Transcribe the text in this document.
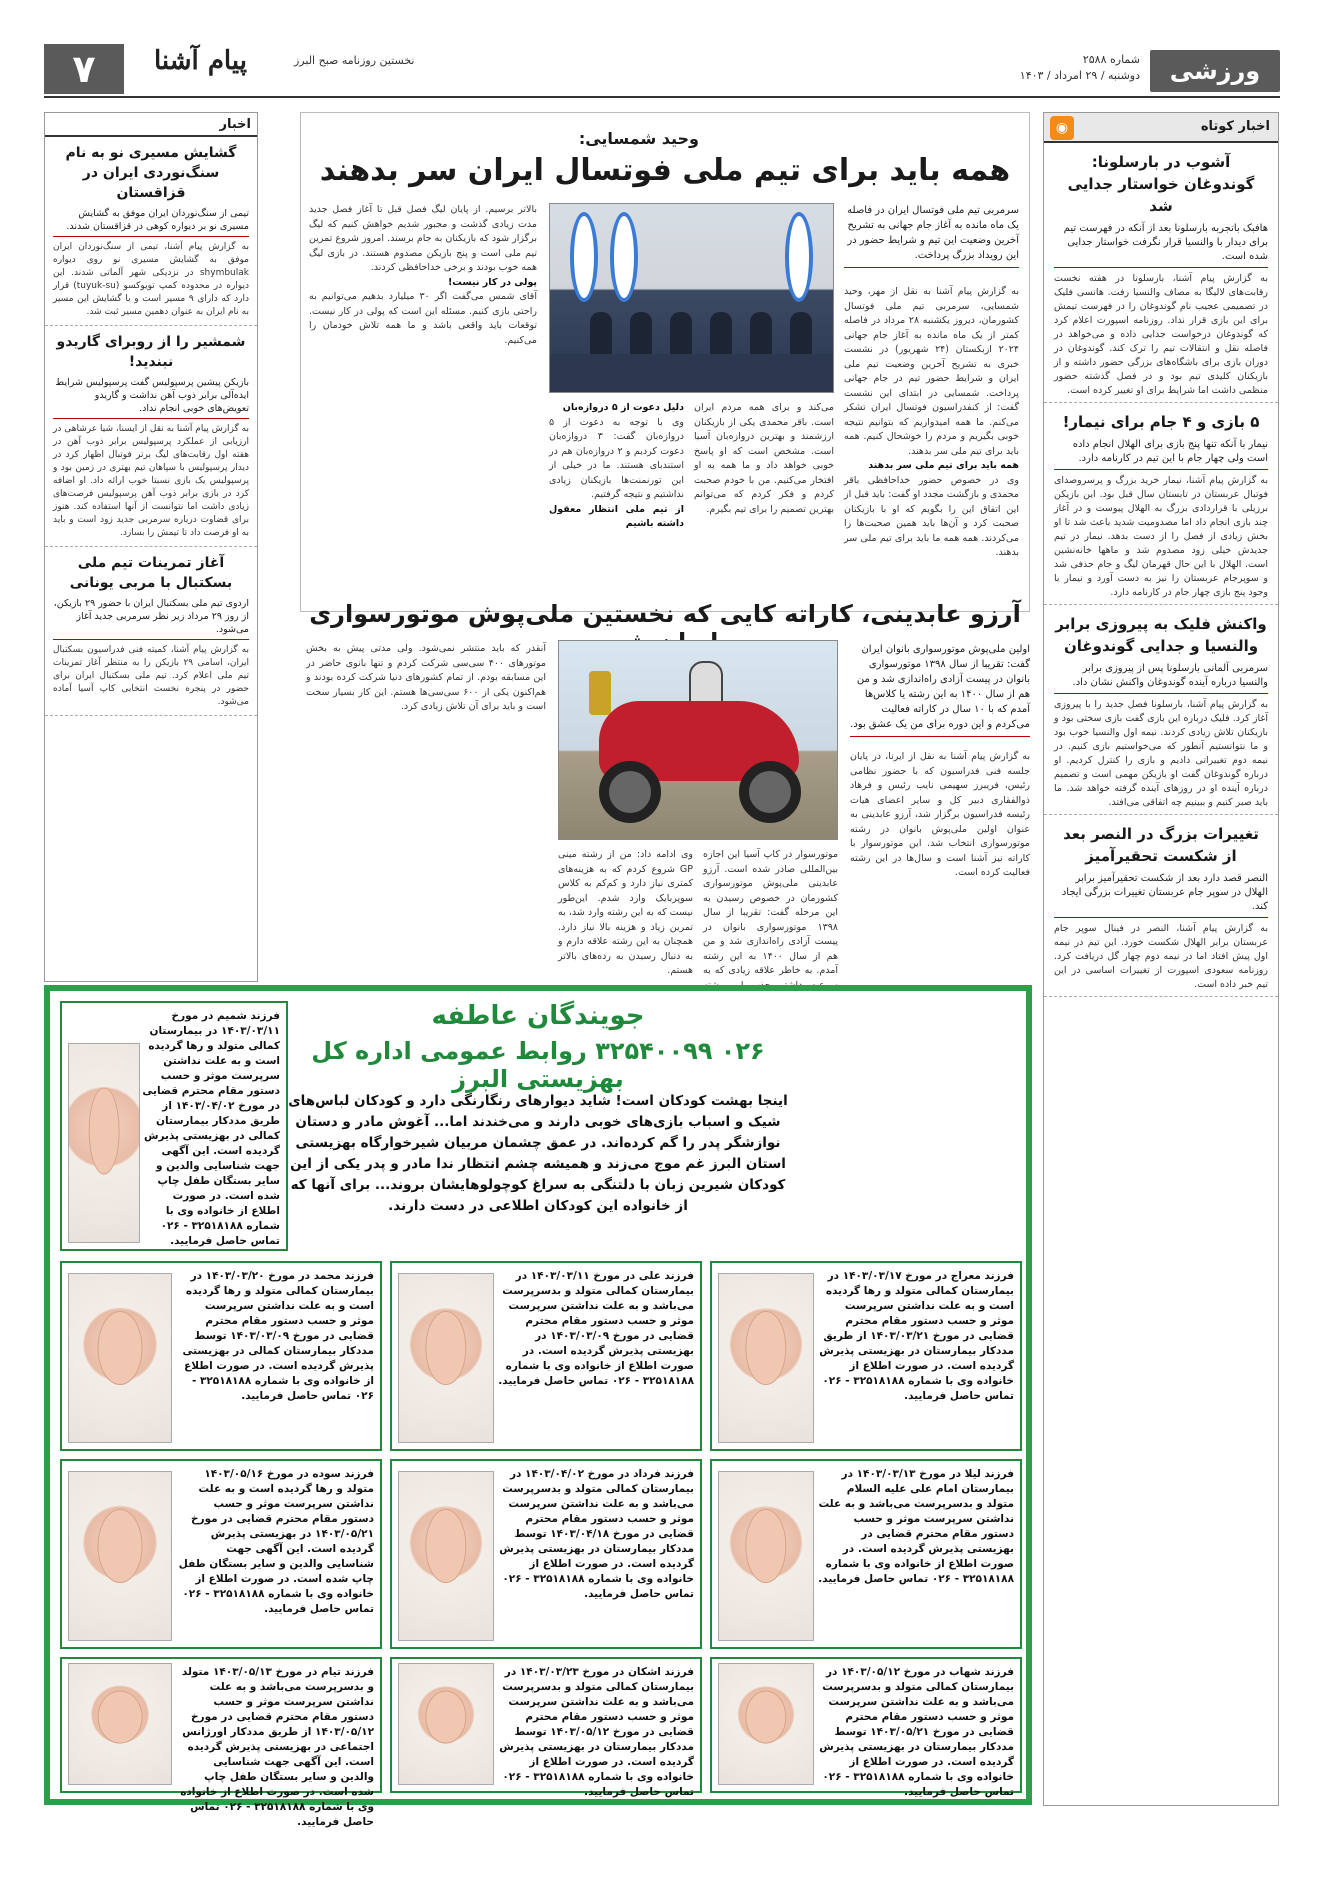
ورزشی
شماره ۲۵۸۸
دوشنبه / ۲۹ امرداد / ۱۴۰۳
نخستین روزنامه صبح البرز
پیام آشنا
۷
اخبار کوتاه
◉
آشوب در بارسلونا: گوندوغان خواستار جدایی شد
هافبک باتجربه بارسلونا بعد از آنکه در فهرست تیم برای دیدار با والنسیا قرار نگرفت خواستار جدایی شده است.

به گزارش پیام آشنا، بارسلونا در هفته نخست رقابت‌های لالیگا به مصاف والنسیا رفت. هانسی فلیک در تصمیمی عجیب نام گوندوغان را در فهرست تیمش برای این بازی قرار نداد. روزنامه اسپورت اعلام کرد که گوندوغان درخواست جدایی داده و می‌خواهد در فاصله نقل و انتقالات تیم را ترک کند. گوندوغان در دوران بازی برای باشگاه‌های بزرگی حضور داشته و از بازیکنان کلیدی تیم بود و در فصل گذشته حضور منظمی داشت اما شرایط برای او تغییر کرده است.

۵ بازی و ۴ جام برای نیمار!
نیمار با آنکه تنها پنج بازی برای الهلال انجام داده است ولی چهار جام با این تیم در کارنامه دارد.

به گزارش پیام آشنا، نیمار خرید بزرگ و پرسروصدای فوتبال عربستان در تابستان سال قبل بود. این بازیکن برزیلی با قراردادی بزرگ به الهلال پیوست و در آغاز چند بازی انجام داد اما مصدومیت شدید باعث شد تا او بخش زیادی از فصل را از دست بدهد. نیمار در تیم جدیدش خیلی زود مصدوم شد و ماهها خانه‌نشین است. الهلال با این حال قهرمان لیگ و جام حذفی شد و سوپرجام عربستان را نیز به دست آورد و نیمار با وجود پنج بازی چهار جام در کارنامه دارد.

واکنش فلیک به پیروزی برابر والنسیا و جدایی گوندوغان
سرمربی آلمانی بارسلونا پس از پیروزی برابر والنسیا درباره آینده گوندوغان واکنش نشان داد.

به گزارش پیام آشنا، بارسلونا فصل جدید را با پیروزی آغاز کرد. فلیک درباره این بازی گفت بازی سختی بود و بازیکنان تلاش زیادی کردند. نیمه اول والنسیا خوب بود و ما نتوانستیم آنطور که می‌خواستیم بازی کنیم. در نیمه دوم تغییراتی دادیم و بازی را کنترل کردیم. او درباره گوندوغان گفت او بازیکن مهمی است و تصمیم درباره آینده او در روزهای آینده گرفته خواهد شد. ما باید صبر کنیم و ببینیم چه اتفاقی می‌افتد.

تغییرات بزرگ در النصر بعد از شکست تحقیرآمیز
النصر قصد دارد بعد از شکست تحقیرآمیز برابر الهلال در سوپر جام عربستان تغییرات بزرگی ایجاد کند.

به گزارش پیام آشنا، النصر در فینال سوپر جام عربستان برابر الهلال شکست خورد. این تیم در نیمه اول پیش افتاد اما در نیمه دوم چهار گل دریافت کرد. روزنامه سعودی اسپورت از تغییرات اساسی در این تیم خبر داده است.

اخبار
گشایش مسیری نو به نام سنگ‌نوردی ایران در قزاقستان
تیمی از سنگ‌نوردان ایران موفق به گشایش مسیری نو بر دیواره کوهی در قزاقستان شدند.

به گزارش پیام آشنا، تیمی از سنگ‌نوردان ایران موفق به گشایش مسیری نو روی دیواره shymbulak در نزدیکی شهر آلماتی شدند. این دیواره در محدوده کمپ تویوکسو (tuyuk-su) قرار دارد که دارای ۹ مسیر است و با گشایش این مسیر به نام ایران به عنوان دهمین مسیر ثبت شد.

شمشیر را از روبرای گاریدو نبندید!
بازیکن پیشین پرسپولیس گفت پرسپولیس شرایط ایده‌آلی برابر ذوب آهن نداشت و گاریدو تعویض‌های خوبی انجام نداد.

به گزارش پیام آشنا به نقل از ایسنا، شیا عرشاهی در ارزیابی از عملکرد پرسپولیس برابر ذوب آهن در هفته اول رقابت‌های لیگ برتر فوتبال اظهار کرد در دیدار پرسپولیس با سپاهان تیم بهتری در زمین بود و پرسپولیس یک بازی نسبتا خوب ارائه داد. او اضافه کرد در بازی برابر ذوب آهن پرسپولیس فرصت‌های زیادی داشت اما نتوانست از آنها استفاده کند. هنوز برای قضاوت درباره سرمربی جدید زود است و باید به او فرصت داد تا تیمش را بسازد.

آغاز تمرینات تیم ملی بسکتبال با مربی یونانی
اردوی تیم ملی بسکتبال ایران با حضور ۲۹ بازیکن، از روز ۲۹ مرداد زیر نظر سرمربی جدید آغاز می‌شود.

به گزارش پیام آشنا، کمیته فنی فدراسیون بسکتبال ایران، اسامی ۲۹ بازیکن را به منتظر آغاز تمرینات تیم ملی اعلام کرد. تیم ملی بسکتبال ایران برای حضور در پنجره نخست انتخابی کاپ آسیا آماده می‌شود.

وحید شمسایی:
همه باید برای تیم ملی فوتسال ایران سر بدهند
سرمربی تیم ملی فوتسال ایران در فاصله یک ماه مانده به آغاز جام جهانی به تشریح آخرین وضعیت این تیم و شرایط حضور در این رویداد بزرگ پرداخت.
به گزارش پیام آشنا به نقل از مهر، وحید شمسایی، سرمربی تیم ملی فوتسال کشورمان، دیروز یکشنبه ۲۸ مرداد در فاصله کمتر از یک ماه مانده به آغاز جام جهانی ۲۰۲۴ ازبکستان (۲۴ شهریور) در نشست خبری به تشریح آخرین وضعیت تیم ملی ایران و شرایط حضور تیم در جام جهانی پرداخت. شمسایی در ابتدای این نشست گفت: از کنفدراسیون فوتسال ایران تشکر می‌کنم. ما همه امیدواریم که بتوانیم نتیجه خوبی بگیریم و مردم را خوشحال کنیم. همه باید برای تیم ملی سر بدهند.
همه باید برای تیم ملی سر بدهند
وی در خصوص حضور خداحافظی باقر محمدی و بازگشت مجدد او گفت: باید قبل از این اتفاق این را بگویم که او با بازیکنان صحبت کرد و آن‌ها باید همین صحبت‌ها را می‌کردند. همه همه ما باید برای تیم ملی سر بدهند.
می‌کند و برای همه مردم ایران است. باقر محمدی یکی از بازیکنان ارزشمند و بهترین دروازه‌بان آسیا است. مشخص است که او پاسخ خوبی خواهد داد و ما همه به او افتخار می‌کنیم. من با خودم صحبت کردم و فکر کردم که می‌توانم بهترین تصمیم را برای تیم بگیرم.
دلیل دعوت از ۵ دروازه‌بان
وی با توجه به دعوت از ۵ دروازه‌بان گفت: ۳ دروازه‌بان دعوت کردیم و ۲ دروازه‌بان هم در استندبای هستند. ما در خیلی از این تورنمنت‌ها بازیکنان زیادی نداشتیم و نتیجه گرفتیم.
از تیم ملی انتظار معقول داشته باشیم
بالاتر برسیم. از پایان لیگ فصل قبل تا آغاز فصل جدید مدت زیادی گذشت و مجبور شدیم خواهش کنیم که لیگ برگزار شود که بازیکنان به جام برسند. امروز شروع تمرین تیم ملی است و پنج بازیکن مصدوم هستند. در بازی لیگ همه خوب بودند و برخی خداحافظی کردند.
پولی در کار نیست!
آقای شمس می‌گفت اگر ۳۰ میلیارد بدهیم می‌توانیم به راحتی بازی کنیم. مسئله این است که پولی در کار نیست. توقعات باید واقعی باشد و ما همه تلاش خودمان را می‌کنیم.
آرزو عابدینی، کاراته کایی که نخستین ملی‌پوش موتورسواری
اولین ملی‌پوش موتورسواری بانوان ایران گفت: تقریبا از سال ۱۳۹۸ موتورسواری بانوان در پیست آزادی راه‌اندازی شد و من هم از سال ۱۴۰۰ به این رشته یا کلاس‌ها آمدم که با ۱۰ سال در کاراته فعالیت می‌کردم و این دوره برای من یک عشق بود.
به گزارش پیام آشنا به نقل از ایرنا، در پایان جلسه فنی فدراسیون که با حضور نظامی رئیس، فریبرز سهیمی نایب رئیس و فرهاد ذوالفقاری دبیر کل و سایر اعضای هیات رئیسه فدراسیون برگزار شد، آرزو عابدینی به عنوان اولین ملی‌پوش بانوان در رشته موتورسواری انتخاب شد. این موتورسوار با کاراته نیز آشنا است و سال‌ها در این رشته فعالیت کرده است.
موتورسوار در کاپ آسیا این اجازه بین‌المللی صادر شده است. آرزو عابدینی ملی‌پوش موتورسواری کشورمان در خصوص رسیدن به این مرحله گفت: تقریبا از سال ۱۳۹۸ موتورسواری بانوان در پیست آزادی راه‌اندازی شد و من هم از سال ۱۴۰۰ به این رشته آمدم. به خاطر علاقه زیادی که به
وی ادامه داد: من از رشته مینی GP شروع کردم که به هزینه‌های کمتری نیاز دارد و کم‌کم به کلاس سوپربایک وارد شدم. این‌طور نیست که به این رشته وارد شد، به تمرین زیاد و هزینه بالا نیاز دارد. همچنان به این رشته علاقه دارم و به دنبال رسیدن به رده‌های بالاتر هستم.
آنقدر که باید منتشر نمی‌شود. ولی مدتی پیش به بخش موتورهای ۴۰۰ سی‌سی شرکت کردم و تنها بانوی حاضر در این مسابقه بودم. از تمام کشورهای دنیا شرکت کرده بودند و هم‌اکنون یکی از ۶۰۰ سی‌سی‌ها هستم. این کار بسیار سخت است و باید برای آن تلاش زیادی کرد.
جویندگان عاطفه
۰۲۶ ۳۲۵۴۰۰۹۹ روابط عمومی اداره کل بهزیستی البرز
اینجا بهشت کودکان است! شاید دیوارهای رنگارنگی دارد و کودکان لباس‌های شیک و اسباب بازی‌های خوبی دارند و می‌خندند اما... آغوش مادر و دستان نوازشگر پدر را گم کرده‌اند. در عمق چشمان مربیان شیرخوارگاه بهزیستی استان البرز غم موج می‌زند و همیشه چشم انتظار ندا مادر و پدر یکی از این کودکان شیرین زبان با دلتنگی به سراغ کوچولوهایشان بروند... برای آنها که از خانواده این کودکان اطلاعی در دست دارند.
فرزند شمیم در مورخ ۱۴۰۳/۰۳/۱۱ در بیمارستان کمالی متولد و رها گردیده است و به علت نداشتن سرپرست موثر و حسب دستور مقام محترم قضایی در مورخ ۱۴۰۳/۰۴/۰۲ از طریق مددکار بیمارستان کمالی در بهزیستی پذیرش گردیده است. این آگهی جهت شناسایی والدین و سایر بستگان طفل چاپ شده است. در صورت اطلاع از خانواده وی با شماره ۳۲۵۱۸۱۸۸ - ۰۲۶ تماس حاصل فرمایید.
فرزند معراج در مورخ ۱۴۰۳/۰۳/۱۷ در بیمارستان کمالی متولد و رها گردیده است و به علت نداشتن سرپرست موثر و حسب دستور مقام محترم قضایی در مورخ ۱۴۰۳/۰۳/۲۱ از طریق مددکار بیمارستان در بهزیستی پذیرش گردیده است. در صورت اطلاع از خانواده وی با شماره ۳۲۵۱۸۱۸۸ - ۰۲۶ تماس حاصل فرمایید.
فرزند علی در مورخ ۱۴۰۳/۰۳/۱۱ در بیمارستان کمالی متولد و بدسرپرست می‌باشد و به علت نداشتن سرپرست موثر و حسب دستور مقام محترم قضایی در مورخ ۱۴۰۳/۰۳/۰۹ در بهزیستی پذیرش گردیده است. در صورت اطلاع از خانواده وی با شماره ۳۲۵۱۸۱۸۸ - ۰۲۶ تماس حاصل فرمایید.
فرزند محمد در مورخ ۱۴۰۳/۰۳/۲۰ در بیمارستان کمالی متولد و رها گردیده است و به علت نداشتن سرپرست موثر و حسب دستور مقام محترم قضایی در مورخ ۱۴۰۳/۰۳/۰۹ توسط مددکار بیمارستان کمالی در بهزیستی پذیرش گردیده است. در صورت اطلاع از خانواده وی با شماره ۳۲۵۱۸۱۸۸ - ۰۲۶ تماس حاصل فرمایید.
فرزند لیلا در مورخ ۱۴۰۳/۰۳/۱۳ در بیمارستان امام علی علیه السلام متولد و بدسرپرست می‌باشد و به علت نداشتن سرپرست موثر و حسب دستور مقام محترم قضایی در بهزیستی پذیرش گردیده است. در صورت اطلاع از خانواده وی با شماره ۳۲۵۱۸۱۸۸ - ۰۲۶ تماس حاصل فرمایید.
فرزند فرداد در مورخ ۱۴۰۳/۰۴/۰۲ در بیمارستان کمالی متولد و بدسرپرست می‌باشد و به علت نداشتن سرپرست موثر و حسب دستور مقام محترم قضایی در مورخ ۱۴۰۳/۰۴/۱۸ توسط مددکار بیمارستان در بهزیستی پذیرش گردیده است. در صورت اطلاع از خانواده وی با شماره ۳۲۵۱۸۱۸۸ - ۰۲۶ تماس حاصل فرمایید.
فرزند سوده در مورخ ۱۴۰۳/۰۵/۱۶ متولد و رها گردیده است و به علت نداشتن سرپرست موثر و حسب دستور مقام محترم قضایی در مورخ ۱۴۰۳/۰۵/۲۱ در بهزیستی پذیرش گردیده است. این آگهی جهت شناسایی والدین و سایر بستگان طفل چاپ شده است. در صورت اطلاع از خانواده وی با شماره ۳۲۵۱۸۱۸۸ - ۰۲۶ تماس حاصل فرمایید.
فرزند شهاب در مورخ ۱۴۰۳/۰۵/۱۲ در بیمارستان کمالی متولد و بدسرپرست می‌باشد و به علت نداشتن سرپرست موثر و حسب دستور مقام محترم قضایی در مورخ ۱۴۰۳/۰۵/۲۱ توسط مددکار بیمارستان در بهزیستی پذیرش گردیده است. در صورت اطلاع از خانواده وی با شماره ۳۲۵۱۸۱۸۸ - ۰۲۶ تماس حاصل فرمایید.
فرزند اشکان در مورخ ۱۴۰۳/۰۳/۲۳ در بیمارستان کمالی متولد و بدسرپرست می‌باشد و به علت نداشتن سرپرست موثر و حسب دستور مقام محترم قضایی در مورخ ۱۴۰۳/۰۵/۱۲ توسط مددکار بیمارستان در بهزیستی پذیرش گردیده است. در صورت اطلاع از خانواده وی با شماره ۳۲۵۱۸۱۸۸ - ۰۲۶ تماس حاصل فرمایید.
فرزند تیام در مورخ ۱۴۰۳/۰۵/۱۳ متولد و بدسرپرست می‌باشد و به علت نداشتن سرپرست موثر و حسب دستور مقام محترم قضایی در مورخ ۱۴۰۳/۰۵/۱۲ از طریق مددکار اورژانس اجتماعی در بهزیستی پذیرش گردیده است. این آگهی جهت شناسایی والدین و سایر بستگان طفل چاپ شده است. در صورت اطلاع از خانواده وی با شماره ۳۲۵۱۸۱۸۸ - ۰۲۶ تماس حاصل فرمایید.
